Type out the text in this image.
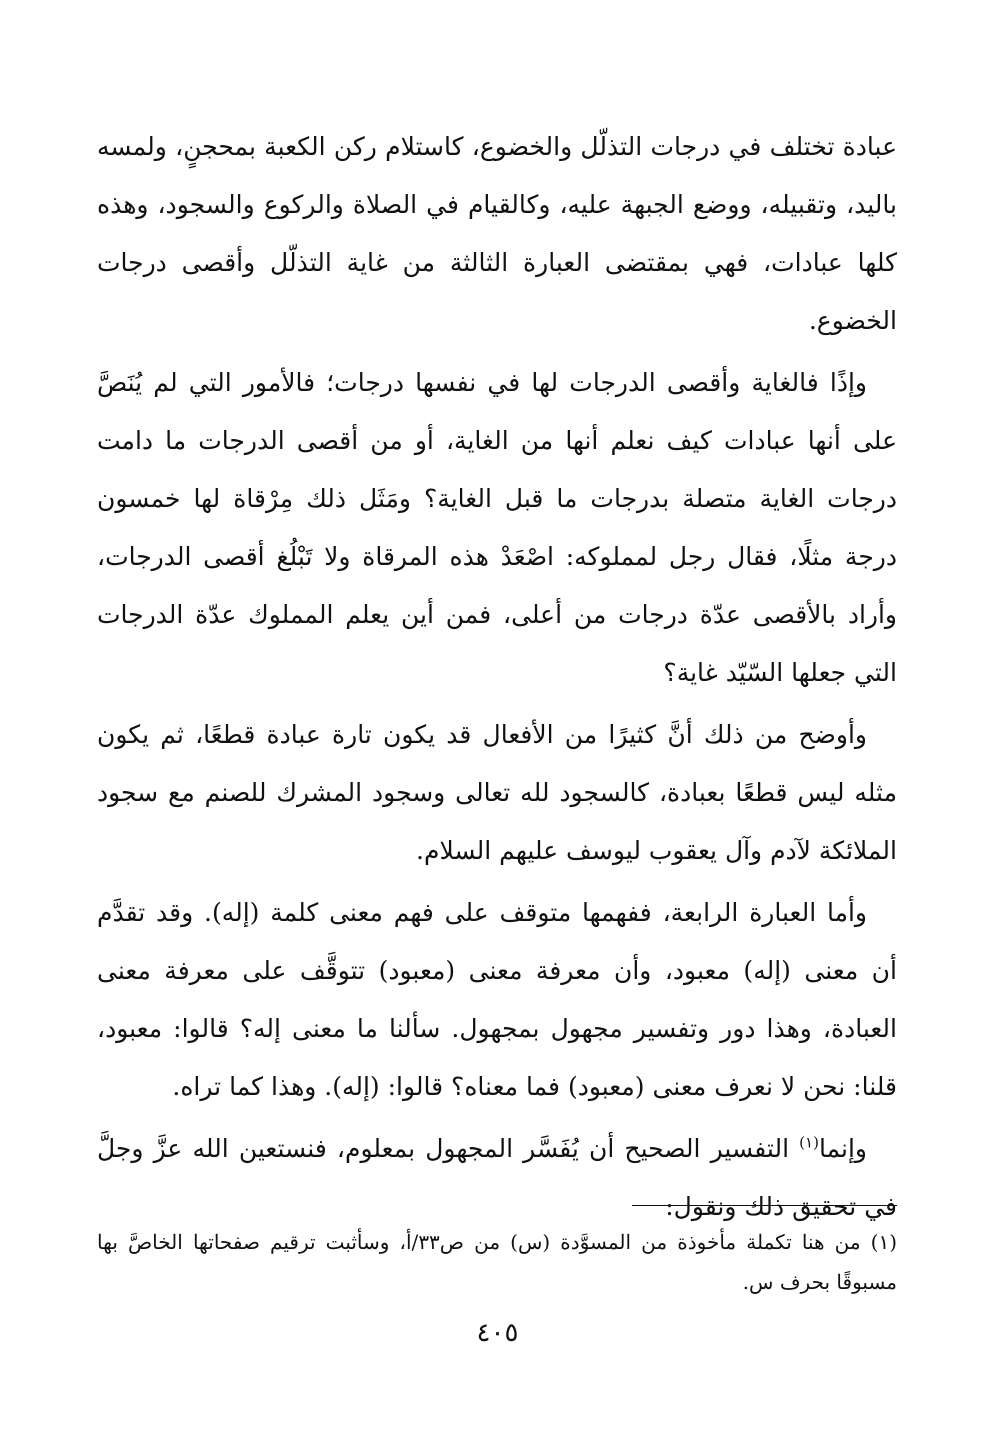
عبادة تختلف في درجات التذلّل والخضوع، كاستلام ركن الكعبة بمحجنٍ، ولمسه باليد، وتقبيله، ووضع الجبهة عليه، وكالقيام في الصلاة والركوع والسجود، وهذه كلها عبادات، فهي بمقتضى العبارة الثالثة من غاية التذلّل وأقصى درجات الخضوع.

وإذًا فالغاية وأقصى الدرجات لها في نفسها درجات؛ فالأمور التي لم يُنَصَّ على أنها عبادات كيف نعلم أنها من الغاية، أو من أقصى الدرجات ما دامت درجات الغاية متصلة بدرجات ما قبل الغاية؟ ومَثَل ذلك مِرْقاة لها خمسون درجة مثلًا، فقال رجل لمملوكه: اصْعَدْ هذه المرقاة ولا تَبْلُغ أقصى الدرجات، وأراد بالأقصى عدّة درجات من أعلى، فمن أين يعلم المملوك عدّة الدرجات التي جعلها السّيّد غاية؟

وأوضح من ذلك أنَّ كثيرًا من الأفعال قد يكون تارة عبادة قطعًا، ثم يكون مثله ليس قطعًا بعبادة، كالسجود لله تعالى وسجود المشرك للصنم مع سجود الملائكة لآدم وآل يعقوب ليوسف عليهم السلام.

وأما العبارة الرابعة، ففهمها متوقف على فهم معنى كلمة (إله). وقد تقدَّم أن معنى (إله) معبود، وأن معرفة معنى (معبود) تتوقَّف على معرفة معنى العبادة، وهذا دور وتفسير مجهول بمجهول. سألنا ما معنى إله؟ قالوا: معبود، قلنا: نحن لا نعرف معنى (معبود) فما معناه؟ قالوا: (إله). وهذا كما تراه.

وإنما$^{(١)}$ التفسير الصحيح أن يُفَسَّر المجهول بمعلوم، فنستعين الله عزَّ وجلَّ في تحقيق ذلك ونقول:

(١)من هنا تكملة مأخوذة من المسوَّدة (س) من ص٣٣/أ، وسأثبت ترقيم صفحاتها الخاصَّ بها مسبوقًا بحرف س.

٤٠٥
